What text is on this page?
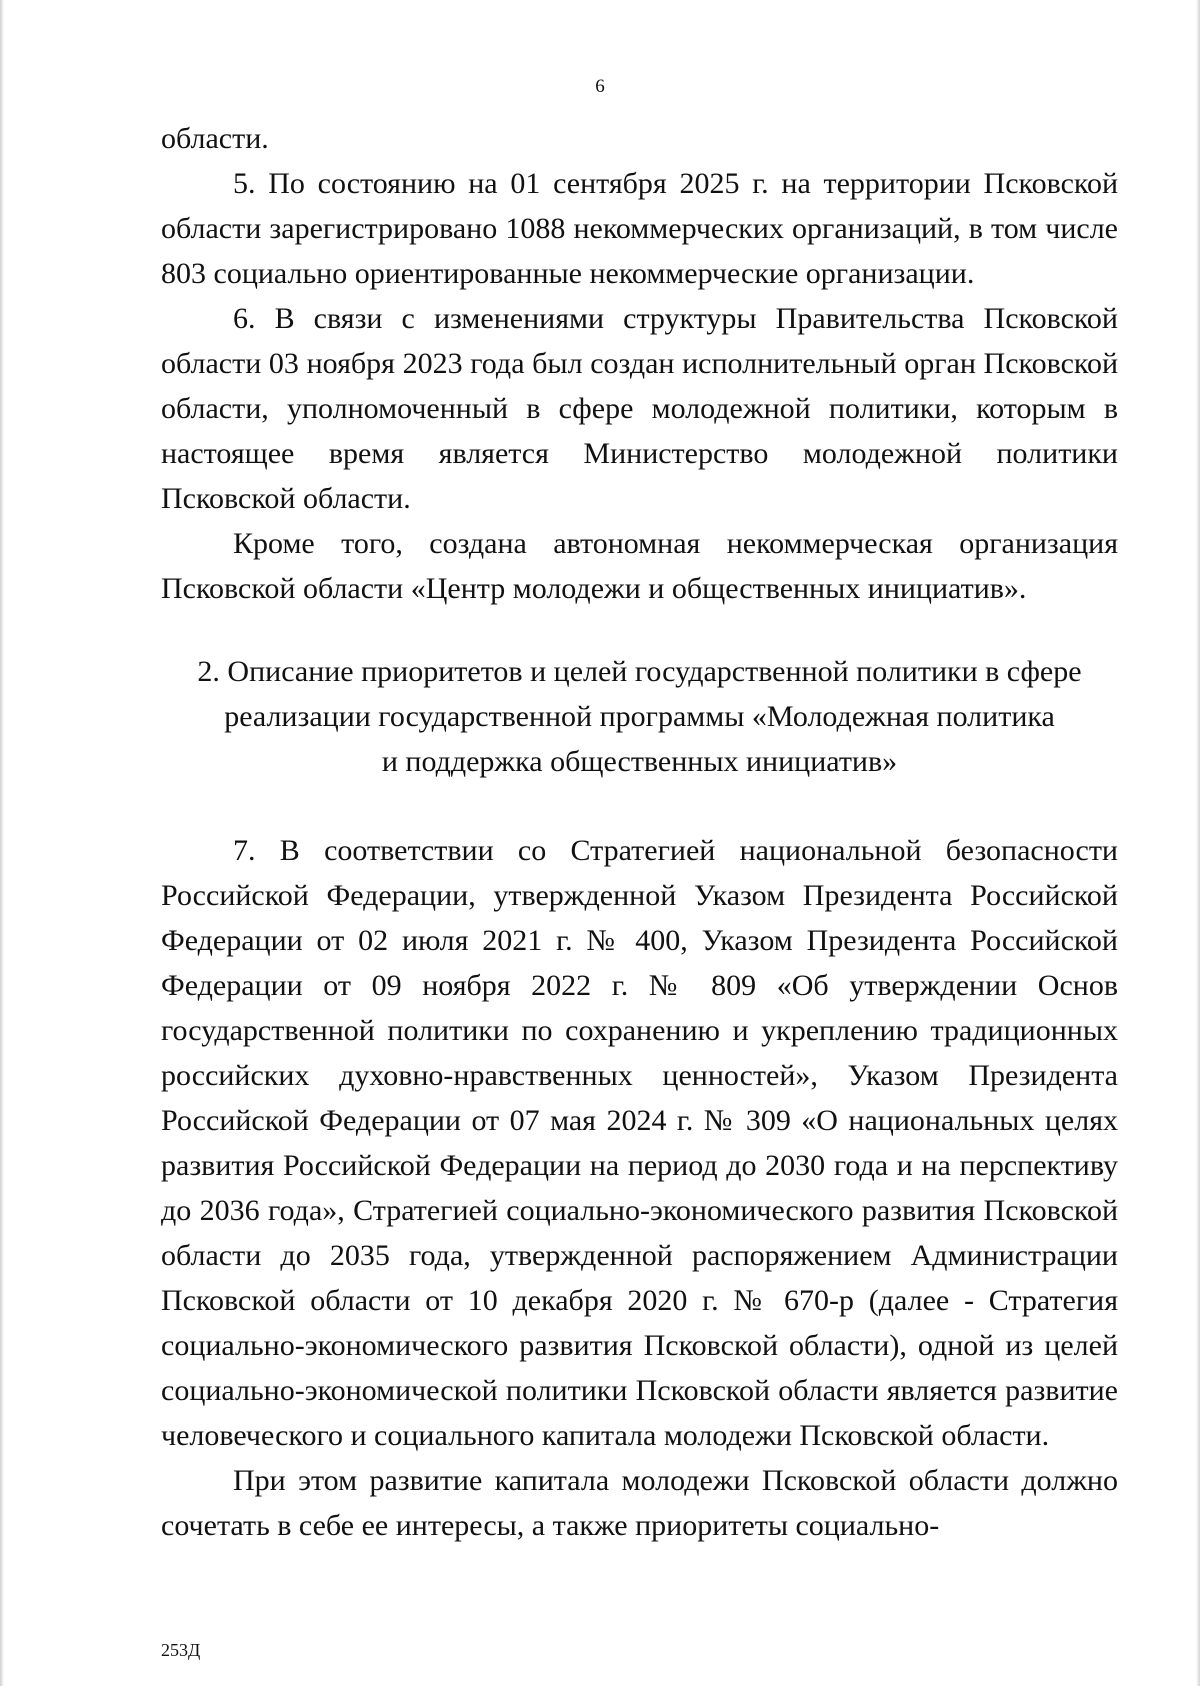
6

области.

5. По состоянию на 01 сентября 2025 г. на территории Псковской области зарегистрировано 1088 некоммерческих организаций, в том числе 803 социально ориентированные некоммерческие организации.

6. В связи с изменениями структуры Правительства Псковской области 03 ноября 2023 года был создан исполнительный орган Псковской области, уполномоченный в сфере молодежной политики, которым в настоящее время является Министерство молодежной политики Псковской области.

Кроме того, создана автономная некоммерческая организация Псковской области «Центр молодежи и общественных инициатив».

2. Описание приоритетов и целей государственной политики в сфере
реализации государственной программы «Молодежная политика
и поддержка общественных инициатив»

7. В соответствии со Стратегией национальной безопасности Российской Федерации, утвержденной Указом Президента Российской Федерации от 02 июля 2021 г. № 400, Указом Президента Российской Федерации от 09 ноября 2022 г. № 809 «Об утверждении Основ государственной политики по сохранению и укреплению традиционных российских духовно-нравственных ценностей», Указом Президента Российской Федерации от 07 мая 2024 г. № 309 «О национальных целях развития Российской Федерации на период до 2030 года и на перспективу до 2036 года», Стратегией социально-экономического развития Псковской области до 2035 года, утвержденной распоряжением Администрации Псковской области от 10 декабря 2020 г. № 670-р (далее - Стратегия социально-экономического развития Псковской области), одной из целей социально-экономической политики Псковской области является развитие человеческого и социального капитала молодежи Псковской области.

При этом развитие капитала молодежи Псковской области должно сочетать в себе ее интересы, а также приоритеты социально-

253Д
